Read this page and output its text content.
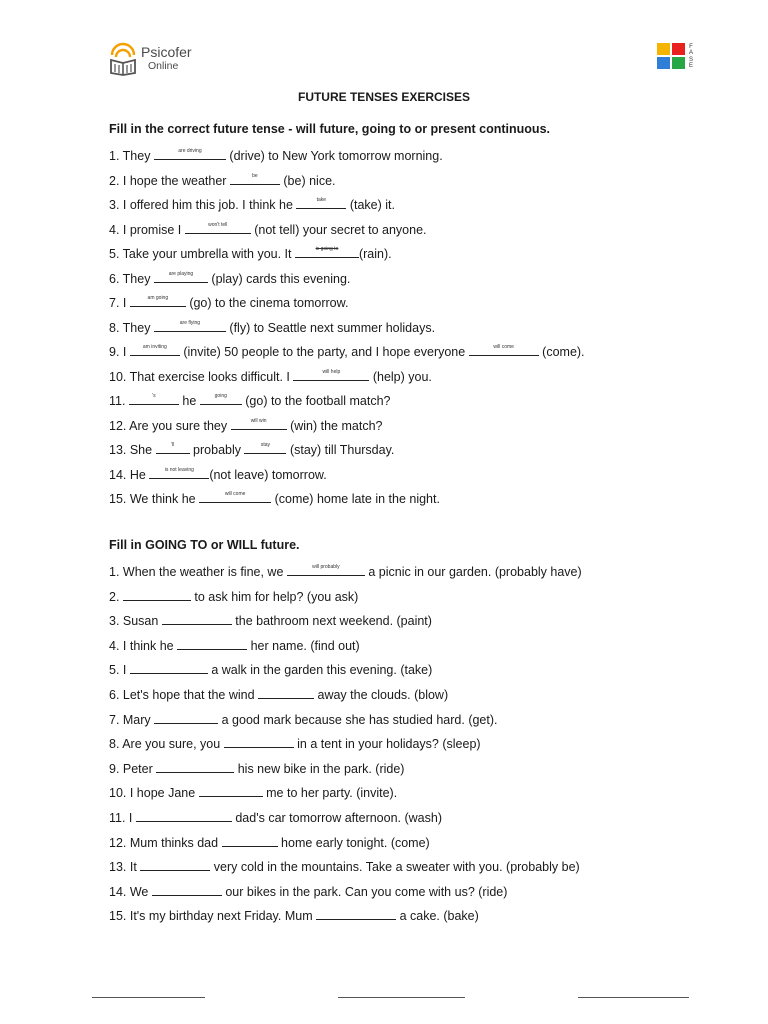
Psicofer
Online
F
A
S
E
FUTURE TENSES EXERCISES
Fill in the correct future tense - will future, going to or present continuous.
1. They	are driving	(drive) to New York tomorrow morning.
2. I hope the weather	be	(be) nice.
3. I offered him this job. I think he	take	(take) it.
4. I promise I	won't tell	(not tell) your secret to anyone.
5. Take your umbrella with you. It	is going to	(rain).
6. They	are playing	(play) cards this evening.
7. I	am going	(go) to the cinema tomorrow.
8. They	are flying	(fly) to Seattle next summer holidays.
9. I	am inviting	(invite) 50 people to the party, and I hope everyone	will come	(come).
10. That exercise looks difficult. I	will help	(help) you.
11.	's	he	going	(go) to the football match?
12. Are you sure they	will win	(win) the match?
13. She	'll	probably	stay	(stay) till Thursday.
14. He	is not leaving	(not leave) tomorrow.
15. We think he	will come	(come) home late in the night.
Fill in GOING TO or WILL future.
1. When the weather is fine, we	will probably	a picnic in our garden. (probably have)
2.	to ask him for help? (you ask)
3. Susan	the bathroom next weekend. (paint)
4. I think he	her name. (find out)
5. I	a walk in the garden this evening. (take)
6. Let's hope that the wind	away the clouds. (blow)
7. Mary	a good mark because she has studied hard. (get).
8. Are you sure, you	in a tent in your holidays? (sleep)
9. Peter	his new bike in the park. (ride)
10. I hope Jane	me to her party. (invite).
11. I	dad's car tomorrow afternoon. (wash)
12. Mum thinks dad	home early tonight. (come)
13. It	very cold in the mountains. Take a sweater with you. (probably be)
14. We	our bikes in the park. Can you come with us? (ride)
15. It's my birthday next Friday. Mum	a cake. (bake)
